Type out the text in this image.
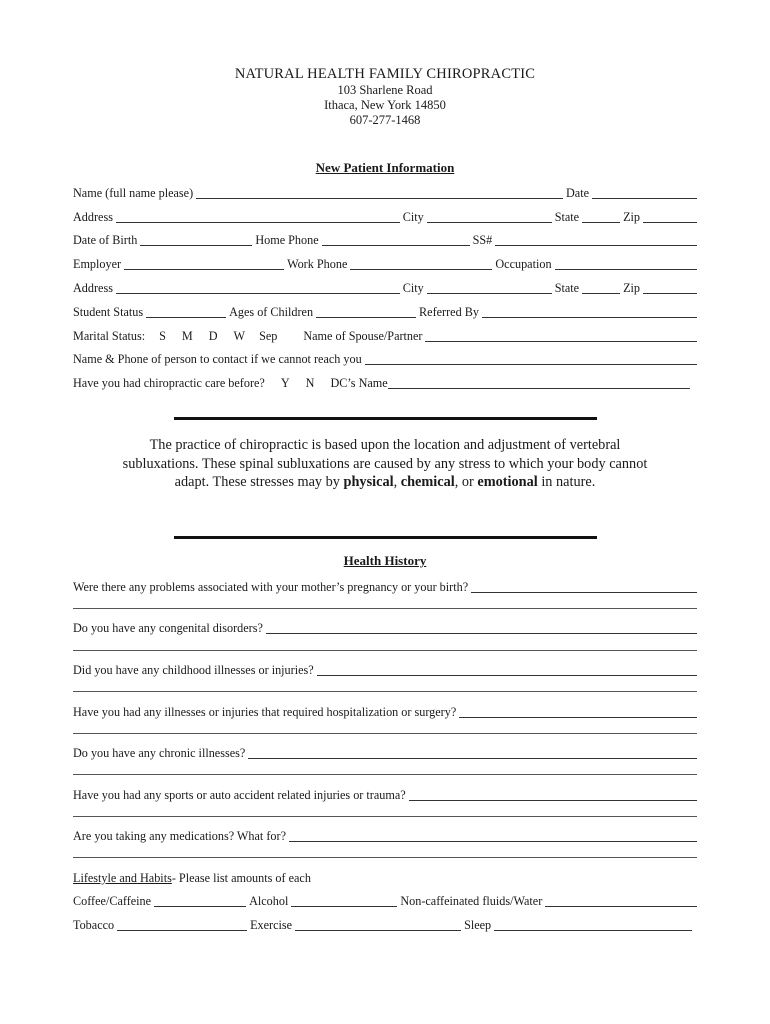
NATURAL HEALTH FAMILY CHIROPRACTIC
103 Sharlene Road
Ithaca, New York 14850
607-277-1468
New Patient Information
Name (full name please)	Date
Address	City	State	Zip
Date of Birth	Home Phone	SS#
Employer	Work Phone	Occupation
Address	City	State	Zip
Student Status	Ages of Children	Referred By
Marital Status: S M D W Sep Name of Spouse/Partner
Name & Phone of person to contact if we cannot reach you
Have you had chiropractic care before? Y N DC’s Name
The practice of chiropractic is based upon the location and adjustment of vertebral subluxations. These spinal subluxations are caused by any stress to which your body cannot adapt. These stresses may by physical, chemical, or emotional in nature.
Health History
Were there any problems associated with your mother’s pregnancy or your birth?
Do you have any congenital disorders?
Did you have any childhood illnesses or injuries?
Have you had any illnesses or injuries that required hospitalization or surgery?
Do you have any chronic illnesses?
Have you had any sports or auto accident related injuries or trauma?
Are you taking any medications? What for?
Lifestyle and Habits - Please list amounts of each
Coffee/Caffeine	Alcohol	Non-caffeinated fluids/Water
Tobacco	Exercise	Sleep
